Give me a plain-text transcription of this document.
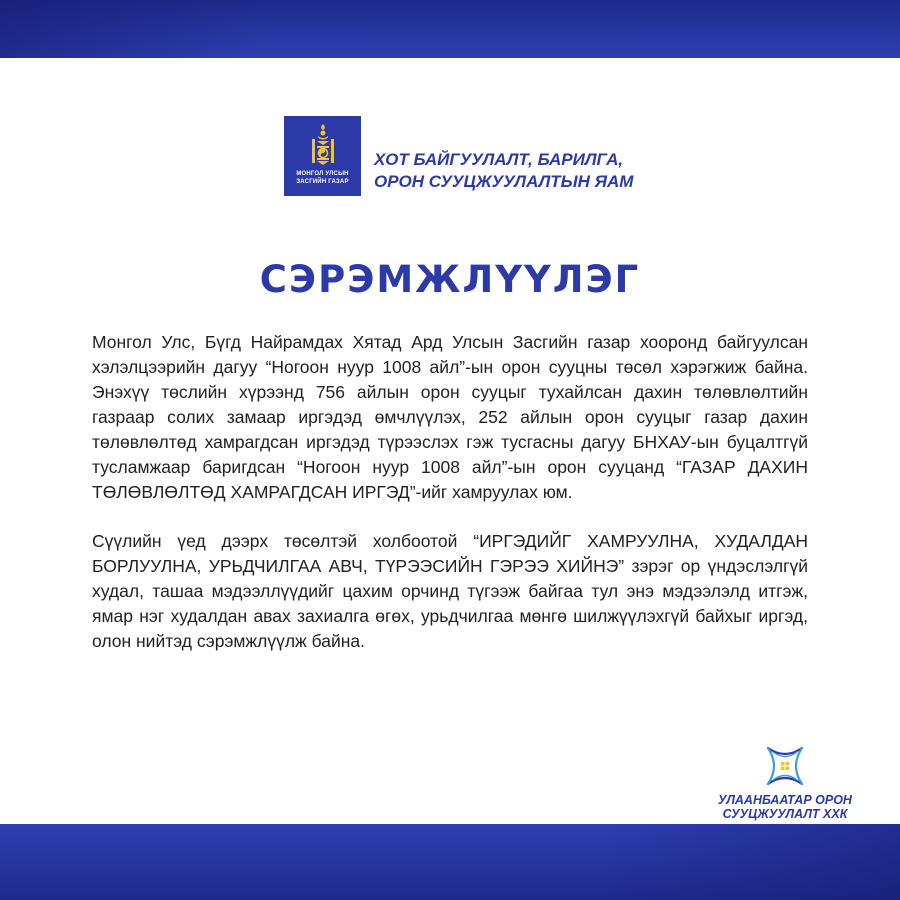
МОНГОЛ УЛСЫН
ЗАСГИЙН ГАЗАР
ХОТ БАЙГУУЛАЛТ, БАРИЛГА,
ОРОН СУУЦЖУУЛАЛТЫН ЯАМ
СЭРЭМЖЛҮҮЛЭГ

Монгол Улс, Бүгд Найрамдах Хятад Ард Улсын Засгийн газар хооронд байгуулсан хэлэлцээрийн дагуу “Ногоон нуур 1008 айл”-ын орон сууцны төсөл хэрэгжиж байна. Энэхүү төслийн хүрээнд 756 айлын орон сууцыг тухайлсан дахин төлөвлөлтийн газраар солих замаар иргэдэд өмчлүүлэх, 252 айлын орон сууцыг газар дахин төлөвлөлтөд хамрагдсан иргэдэд түрээслэх гэж тусгасны дагуу БНХАУ-ын буцалтгүй тусламжаар баригдсан “Ногоон нуур 1008 айл”-ын орон сууцанд “ГАЗАР ДАХИН ТӨЛӨВЛӨЛТӨД ХАМРАГДСАН ИРГЭД”-ийг хамруулах юм.

Сүүлийн үед дээрх төсөлтэй холбоотой “ИРГЭДИЙГ ХАМРУУЛНА, ХУДАЛДАН БОРЛУУЛНА, УРЬДЧИЛГАА АВЧ, ТҮРЭЭСИЙН ГЭРЭЭ ХИЙНЭ” зэрэг ор үндэслэлгүй худал, ташаа мэдээллүүдийг цахим орчинд түгээж байгаа тул энэ мэдээлэлд итгэж, ямар нэг худалдан авах захиалга өгөх, урьдчилгаа мөнгө шилжүүлэхгүй байхыг иргэд, олон нийтэд сэрэмжлүүлж байна.

УЛААНБААТАР ОРОН
СУУЦЖУУЛАЛТ ХХК
